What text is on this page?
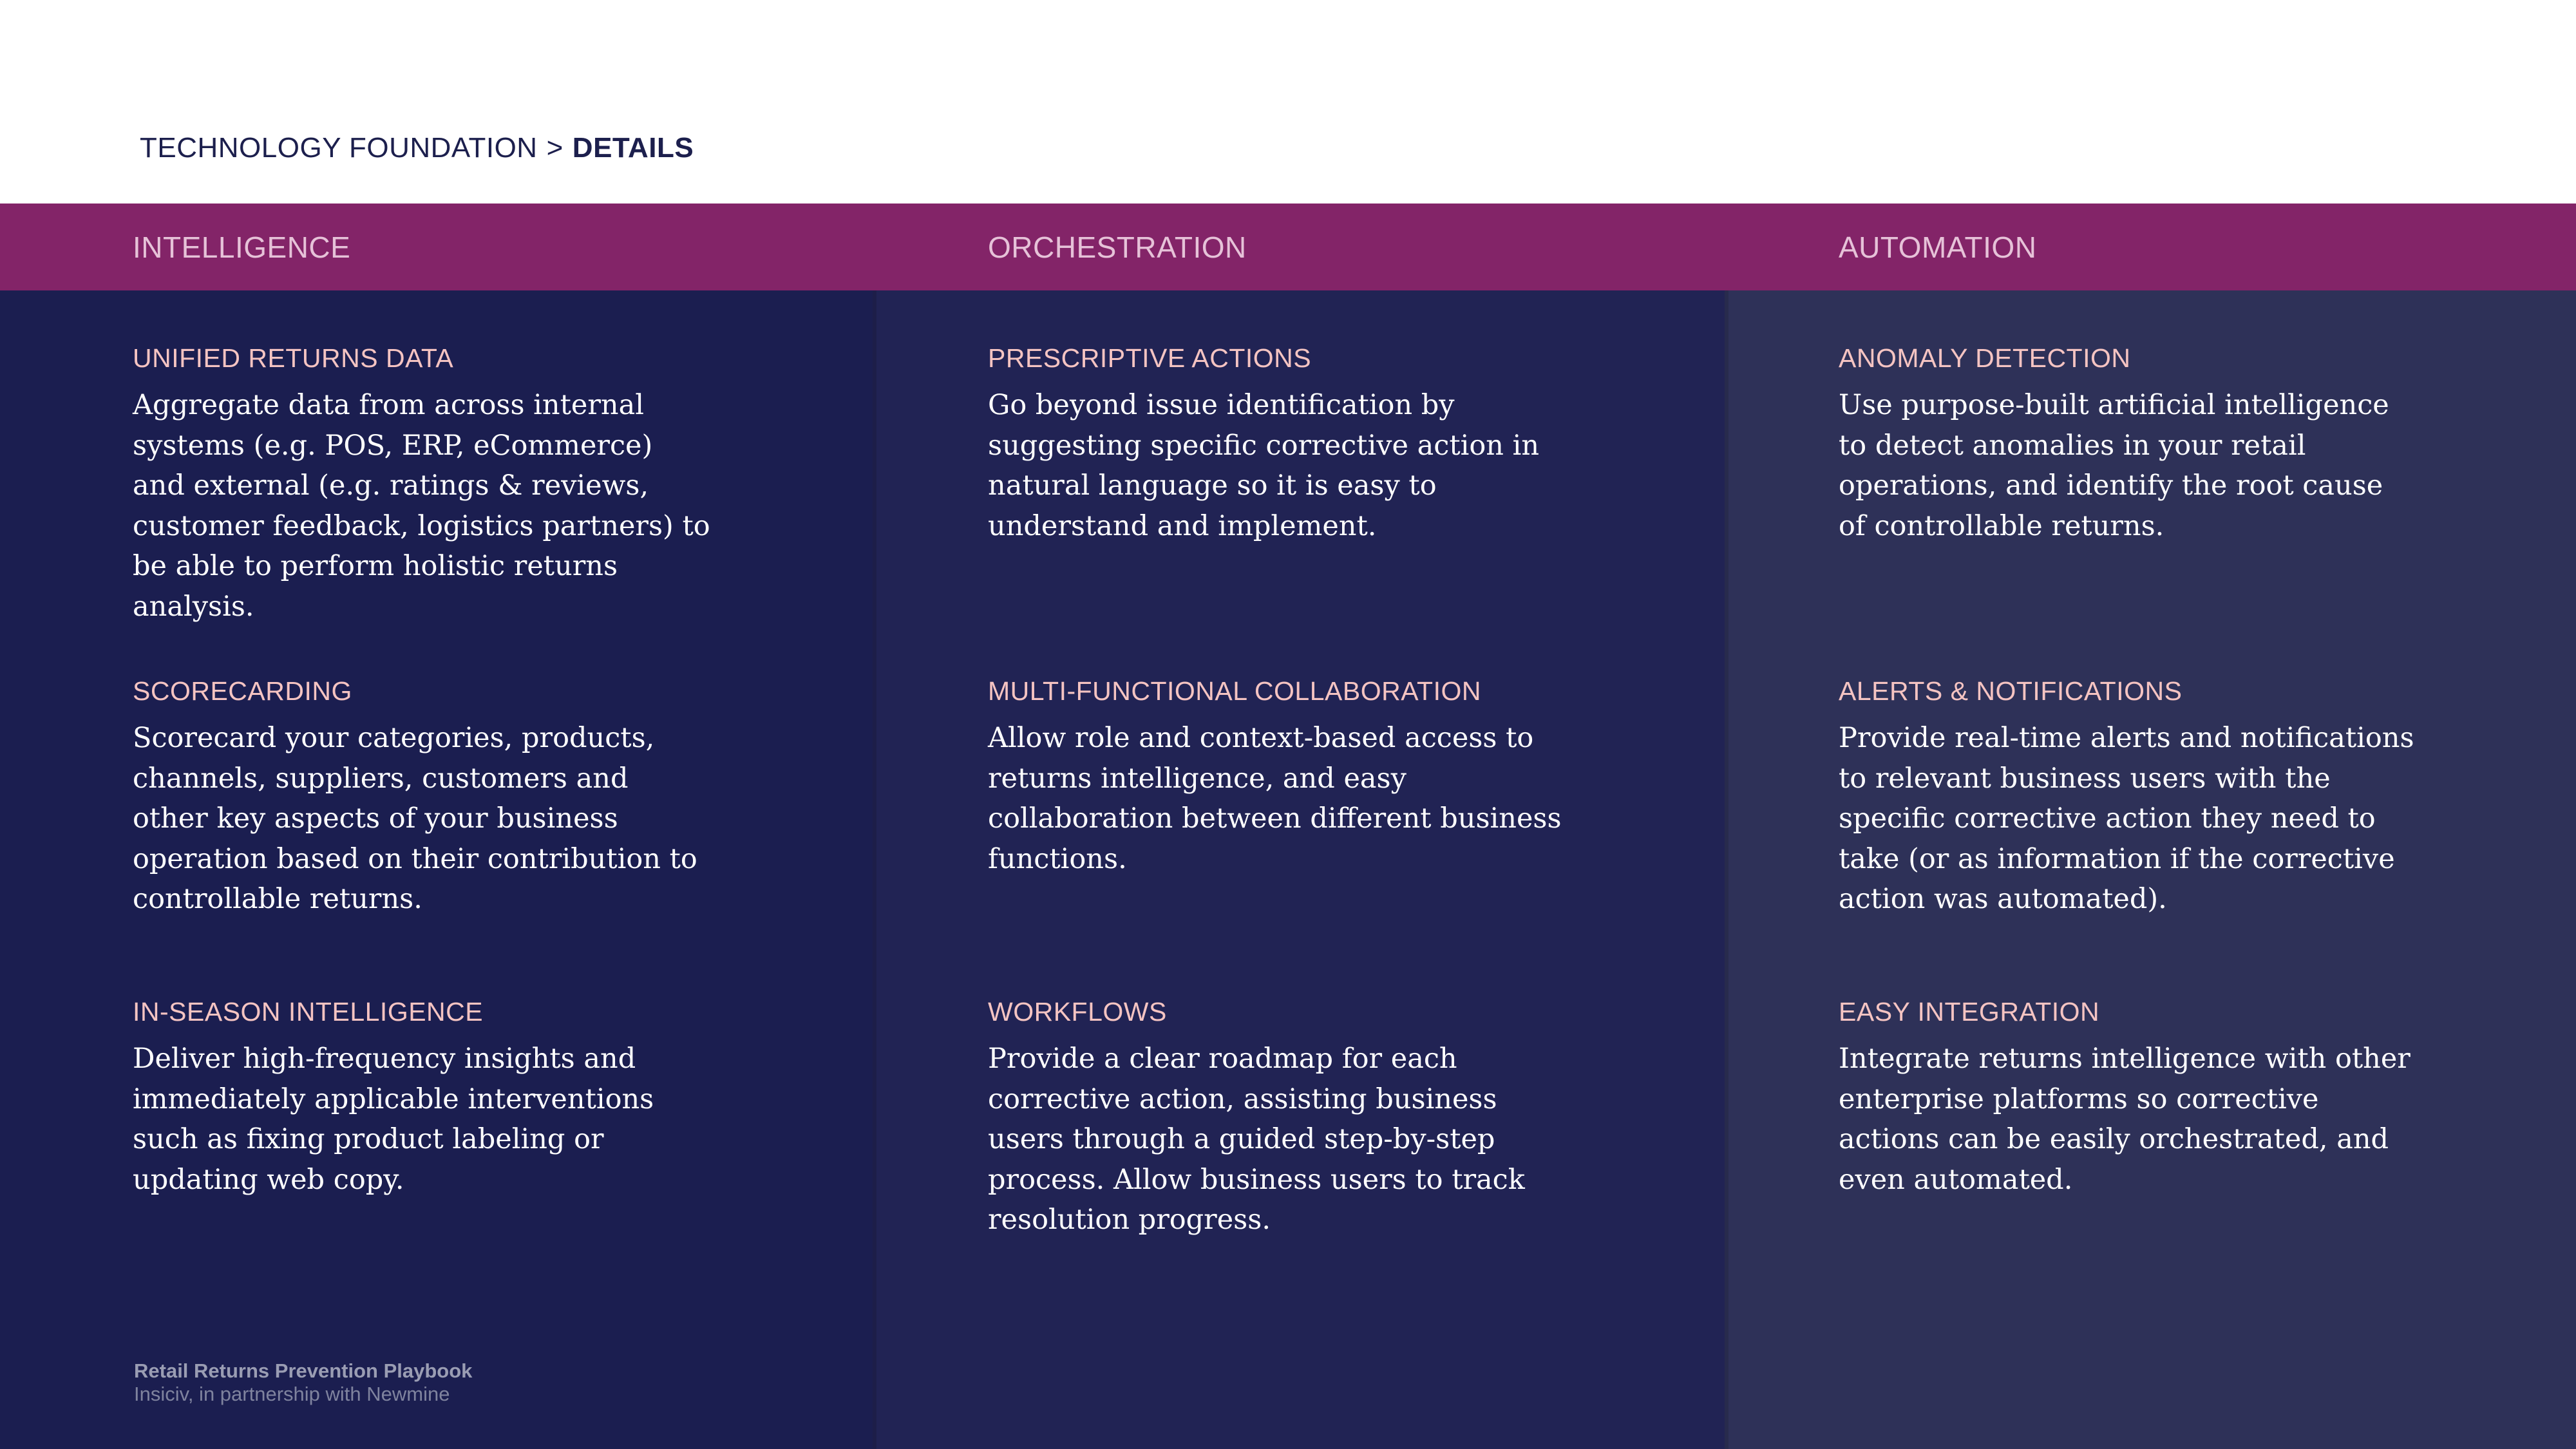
TECHNOLOGY FOUNDATION > DETAILS
INTELLIGENCE	ORCHESTRATION	AUTOMATION

UNIFIED RETURNS DATA

Aggregate data from across internal systems (e.g. POS, ERP, eCommerce) and external (e.g. ratings & reviews, customer feedback, logistics partners) to be able to perform holistic returns analysis.

SCORECARDING

Scorecard your categories, products, channels, suppliers, customers and other key aspects of your business operation based on their contribution to controllable returns.

IN-SEASON INTELLIGENCE

Deliver high-frequency insights and immediately applicable interventions such as fixing product labeling or updating web copy.

PRESCRIPTIVE ACTIONS

Go beyond issue identification by suggesting specific corrective action in natural language so it is easy to understand and implement.

MULTI-FUNCTIONAL COLLABORATION

Allow role and context-based access to returns intelligence, and easy collaboration between different business functions.

WORKFLOWS

Provide a clear roadmap for each corrective action, assisting business users through a guided step-by-step process. Allow business users to track resolution progress.

ANOMALY DETECTION

Use purpose-built artificial intelligence to detect anomalies in your retail operations, and identify the root cause of controllable returns.

ALERTS & NOTIFICATIONS

Provide real-time alerts and notifications to relevant business users with the specific corrective action they need to take (or as information if the corrective action was automated).

EASY INTEGRATION

Integrate returns intelligence with other enterprise platforms so corrective actions can be easily orchestrated, and even automated.

Retail Returns Prevention Playbook
Insiciv, in partnership with Newmine
